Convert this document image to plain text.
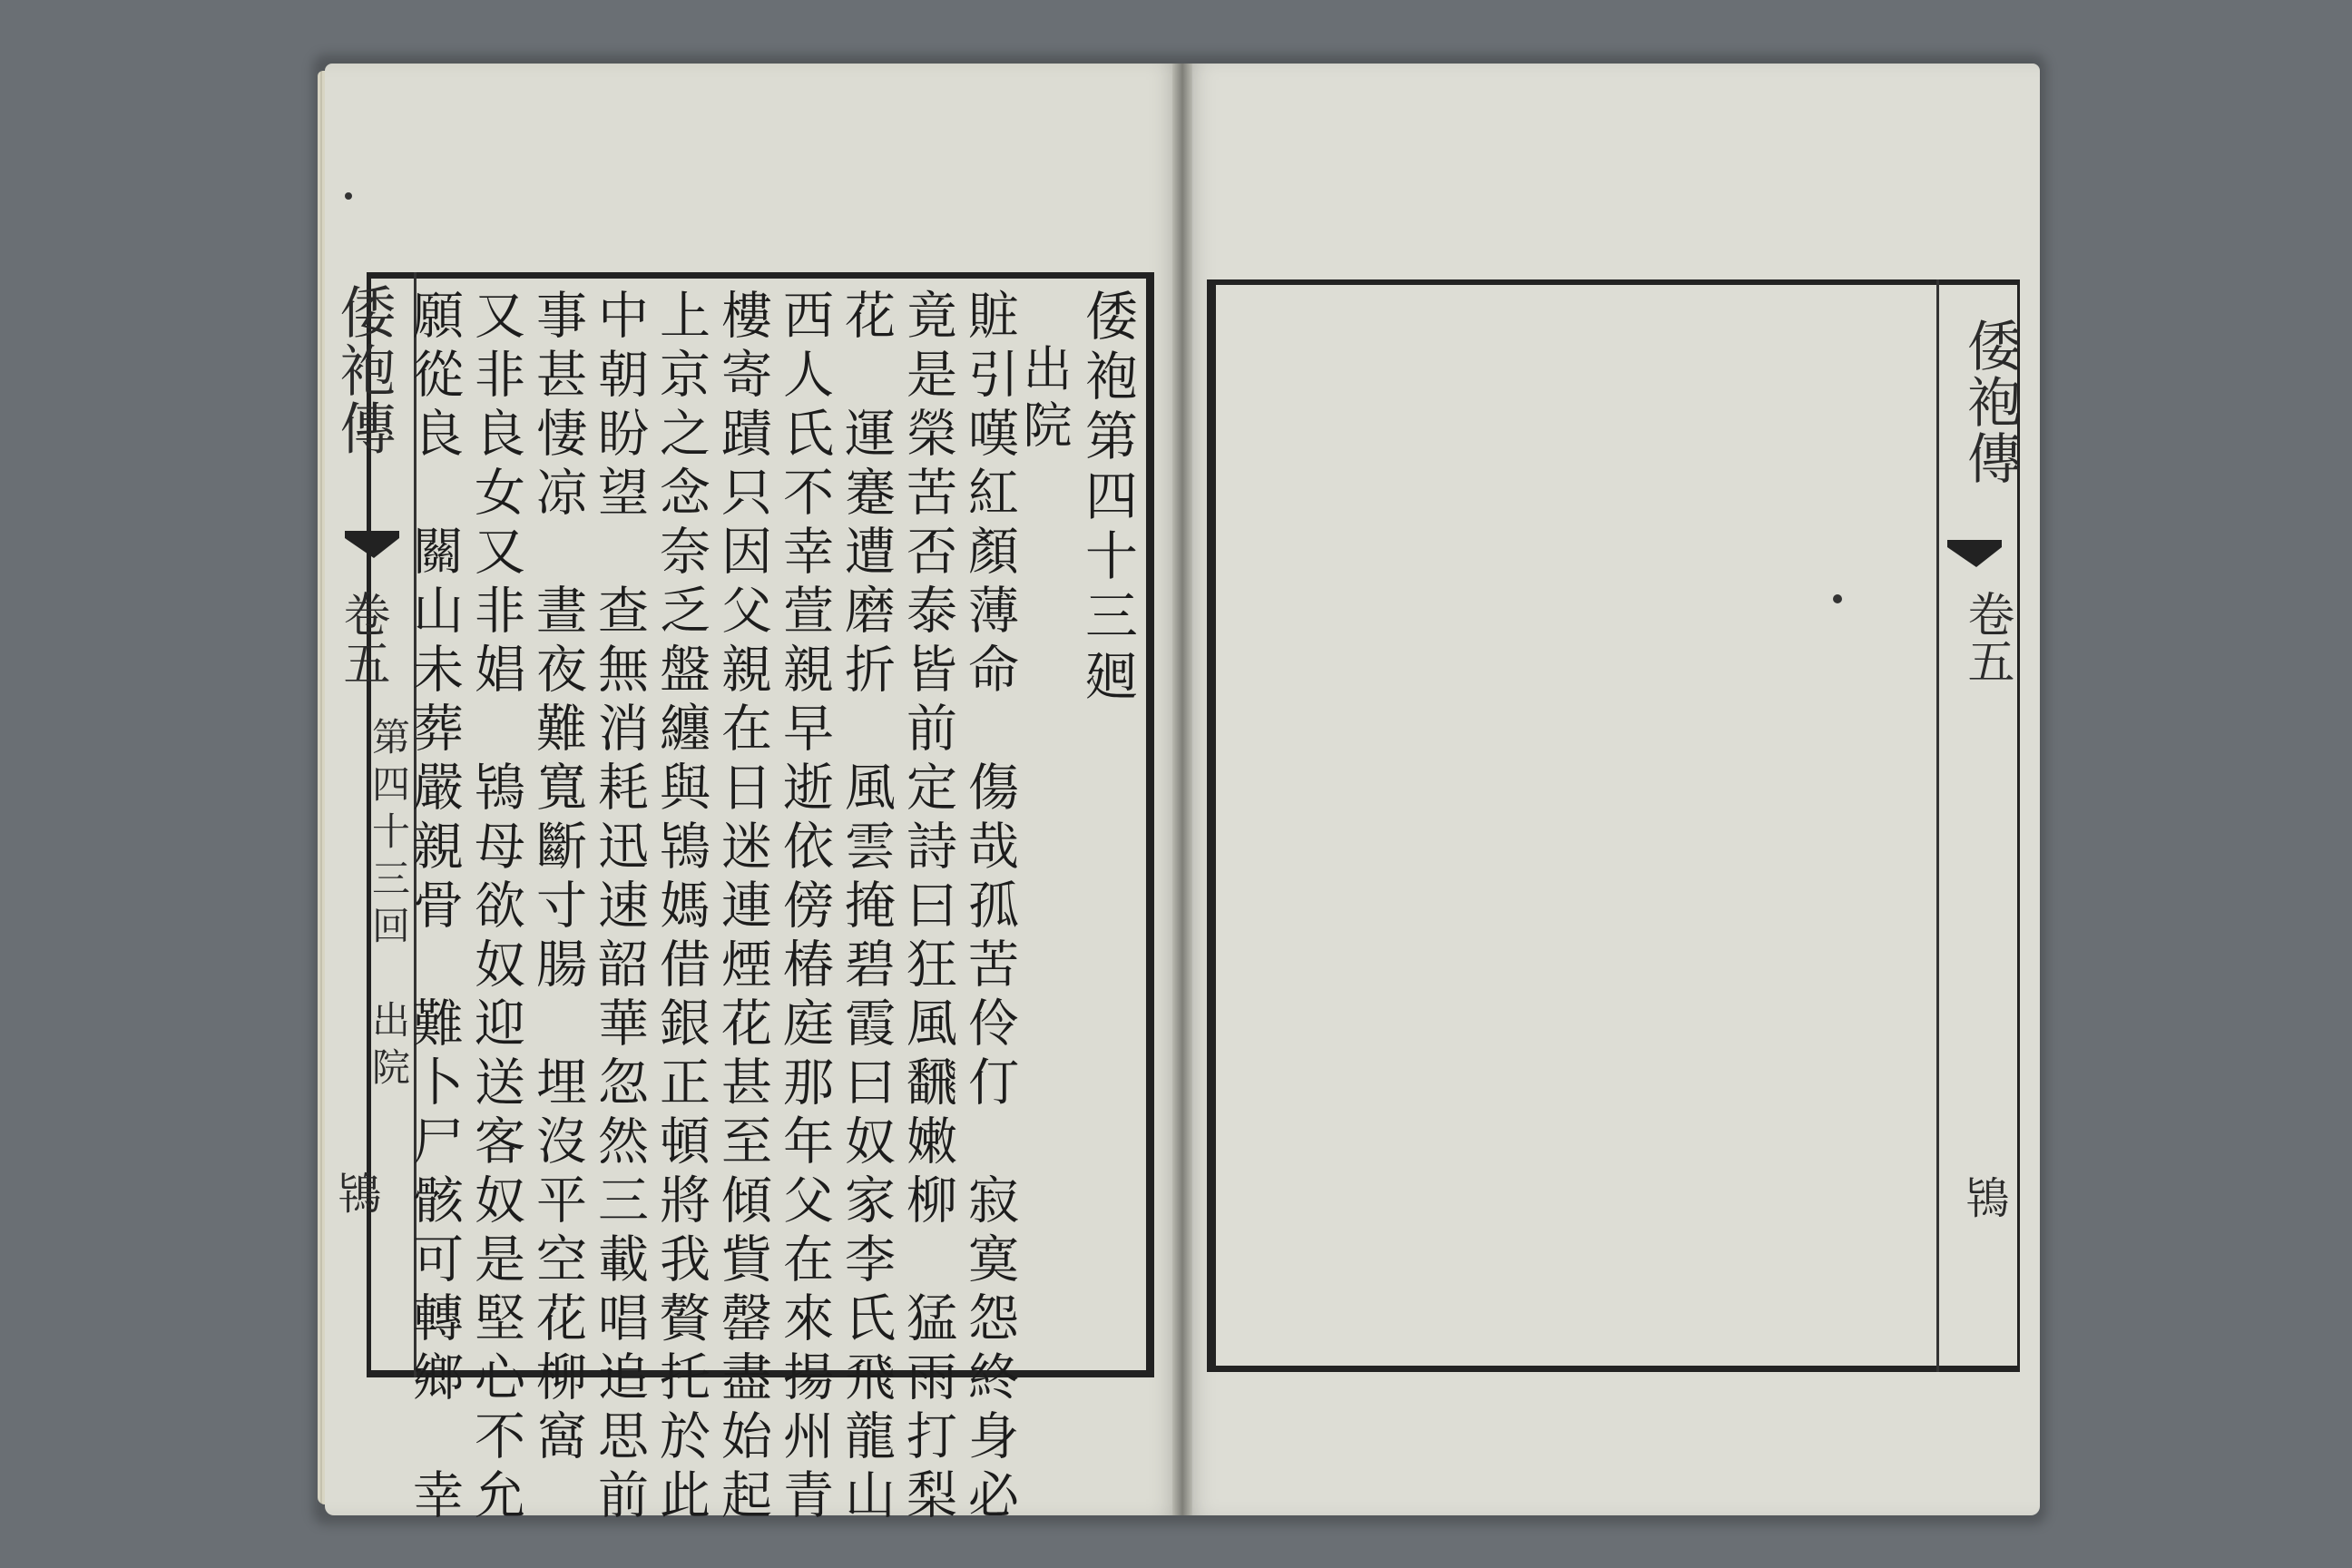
倭袍第四十三𢌞
出院
賍引嘆紅顏薄命　傷哉孤苦伶仃　寂寞怨終身必
竟是榮苦否泰皆前定詩曰狂風飜嫩柳　猛雨打梨
花　運蹇遭磨折　風雲掩碧霞曰奴家李氏飛龍山
西人氏不幸萱親早逝依傍椿庭那年父在來揚州青
樓寄蹟只因父親在日迷連煙花甚至傾貲罄盡始起
上京之念奈乏盤纏與鴇媽借銀正頓將我贅托於此
中朝盼望　查無消耗迅速韶華忽然三載唱追思前
事甚悽凉　晝夜難寬斷寸腸　埋沒平空花柳窩
又非良女又非娼　鴇母欲奴迎送客奴是堅心不允
願從良　關山未葬嚴親骨　難卜尸骸可轉鄉　幸
倭袍傳
卷五
第四十三回　出院
鴇
倭袍傳
卷五
鴇
